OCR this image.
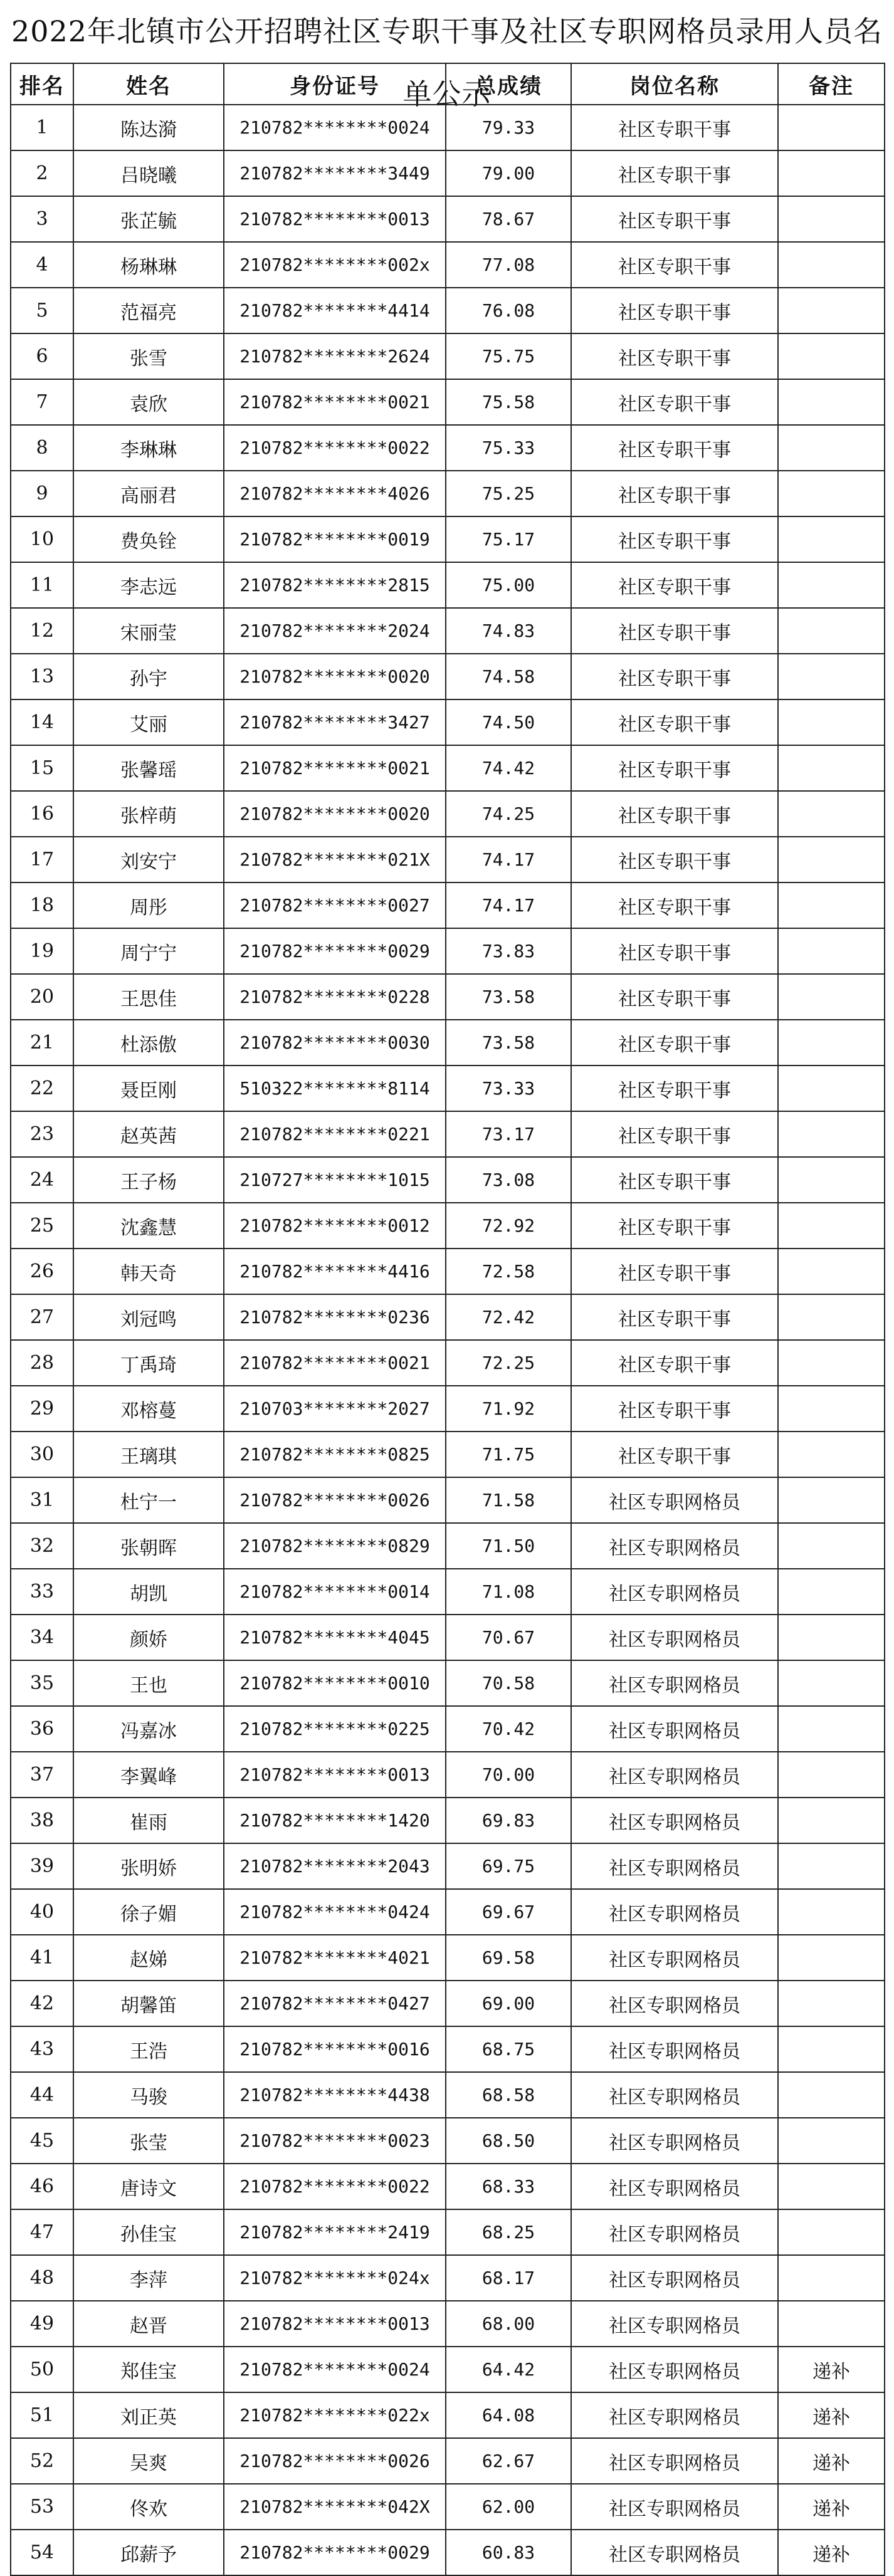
2022年北镇市公开招聘社区专职干事及社区专职网格员录用人员名单公示
排名	姓名	身份证号	总成绩	岗位名称	备注
1	陈达漪	210782********0024	79.33	社区专职干事	
2	吕晓曦	210782********3449	79.00	社区专职干事	
3	张芷毓	210782********0013	78.67	社区专职干事	
4	杨琳琳	210782********002x	77.08	社区专职干事	
5	范福亮	210782********4414	76.08	社区专职干事	
6	张雪	210782********2624	75.75	社区专职干事	
7	袁欣	210782********0021	75.58	社区专职干事	
8	李琳琳	210782********0022	75.33	社区专职干事	
9	高丽君	210782********4026	75.25	社区专职干事	
10	费奂铨	210782********0019	75.17	社区专职干事	
11	李志远	210782********2815	75.00	社区专职干事	
12	宋丽莹	210782********2024	74.83	社区专职干事	
13	孙宇	210782********0020	74.58	社区专职干事	
14	艾丽	210782********3427	74.50	社区专职干事	
15	张馨瑶	210782********0021	74.42	社区专职干事	
16	张梓萌	210782********0020	74.25	社区专职干事	
17	刘安宁	210782********021X	74.17	社区专职干事	
18	周彤	210782********0027	74.17	社区专职干事	
19	周宁宁	210782********0029	73.83	社区专职干事	
20	王思佳	210782********0228	73.58	社区专职干事	
21	杜添傲	210782********0030	73.58	社区专职干事	
22	聂臣刚	510322********8114	73.33	社区专职干事	
23	赵英茜	210782********0221	73.17	社区专职干事	
24	王子杨	210727********1015	73.08	社区专职干事	
25	沈鑫慧	210782********0012	72.92	社区专职干事	
26	韩天奇	210782********4416	72.58	社区专职干事	
27	刘冠鸣	210782********0236	72.42	社区专职干事	
28	丁禹琦	210782********0021	72.25	社区专职干事	
29	邓榕蔓	210703********2027	71.92	社区专职干事	
30	王璃琪	210782********0825	71.75	社区专职干事	
31	杜宁一	210782********0026	71.58	社区专职网格员	
32	张朝晖	210782********0829	71.50	社区专职网格员	
33	胡凯	210782********0014	71.08	社区专职网格员	
34	颜娇	210782********4045	70.67	社区专职网格员	
35	王也	210782********0010	70.58	社区专职网格员	
36	冯嘉冰	210782********0225	70.42	社区专职网格员	
37	李翼峰	210782********0013	70.00	社区专职网格员	
38	崔雨	210782********1420	69.83	社区专职网格员	
39	张明娇	210782********2043	69.75	社区专职网格员	
40	徐子媚	210782********0424	69.67	社区专职网格员	
41	赵娣	210782********4021	69.58	社区专职网格员	
42	胡馨笛	210782********0427	69.00	社区专职网格员	
43	王浩	210782********0016	68.75	社区专职网格员	
44	马骏	210782********4438	68.58	社区专职网格员	
45	张莹	210782********0023	68.50	社区专职网格员	
46	唐诗文	210782********0022	68.33	社区专职网格员	
47	孙佳宝	210782********2419	68.25	社区专职网格员	
48	李萍	210782********024x	68.17	社区专职网格员	
49	赵晋	210782********0013	68.00	社区专职网格员	
50	郑佳宝	210782********0024	64.42	社区专职网格员	递补
51	刘正英	210782********022x	64.08	社区专职网格员	递补
52	吴爽	210782********0026	62.67	社区专职网格员	递补
53	佟欢	210782********042X	62.00	社区专职网格员	递补
54	邱薪予	210782********0029	60.83	社区专职网格员	递补
